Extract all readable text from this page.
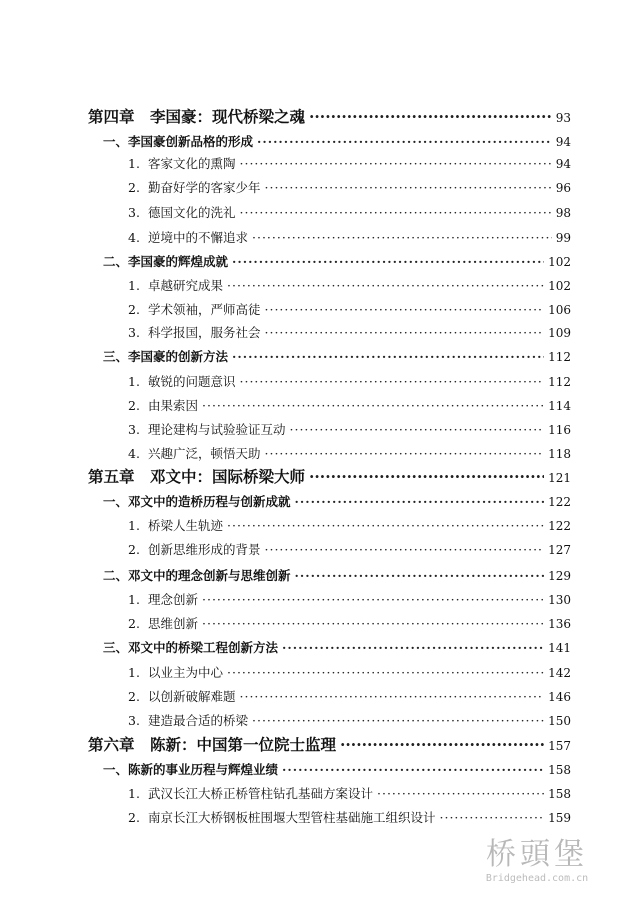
第四章　李国豪：现代桥梁之魂 ·····	93
一、李国豪创新品格的形成 ·····	94
1. 客家文化的熏陶 ·····	94
2. 勤奋好学的客家少年 ·····	96
3. 德国文化的洗礼 ·····	98
4. 逆境中的不懈追求 ·····	99
二、李国豪的辉煌成就 ·····	102
1. 卓越研究成果 ·····	102
2. 学术领袖，严师高徒 ·····	106
3. 科学报国，服务社会 ·····	109
三、李国豪的创新方法 ·····	112
1. 敏锐的问题意识 ·····	112
2. 由果索因 ·····	114
3. 理论建构与试验验证互动 ·····	116
4. 兴趣广泛，顿悟天助 ·····	118
第五章　邓文中：国际桥梁大师 ·····	121
一、邓文中的造桥历程与创新成就 ·····	122
1. 桥梁人生轨迹 ·····	122
2. 创新思维形成的背景 ·····	127
二、邓文中的理念创新与思维创新 ·····	129
1. 理念创新 ·····	130
2. 思维创新 ·····	136
三、邓文中的桥梁工程创新方法 ·····	141
1. 以业主为中心 ·····	142
2. 以创新破解难题 ·····	146
3. 建造最合适的桥梁 ·····	150
第六章　陈新：中国第一位院士监理 ·····	157
一、陈新的事业历程与辉煌业绩 ·····	158
1. 武汉长江大桥正桥管柱钻孔基础方案设计 ·····	158
2. 南京长江大桥钢板桩围堰大型管柱基础施工组织设计 ·····	159
桥頭堡
Bridgehead.com.cn
